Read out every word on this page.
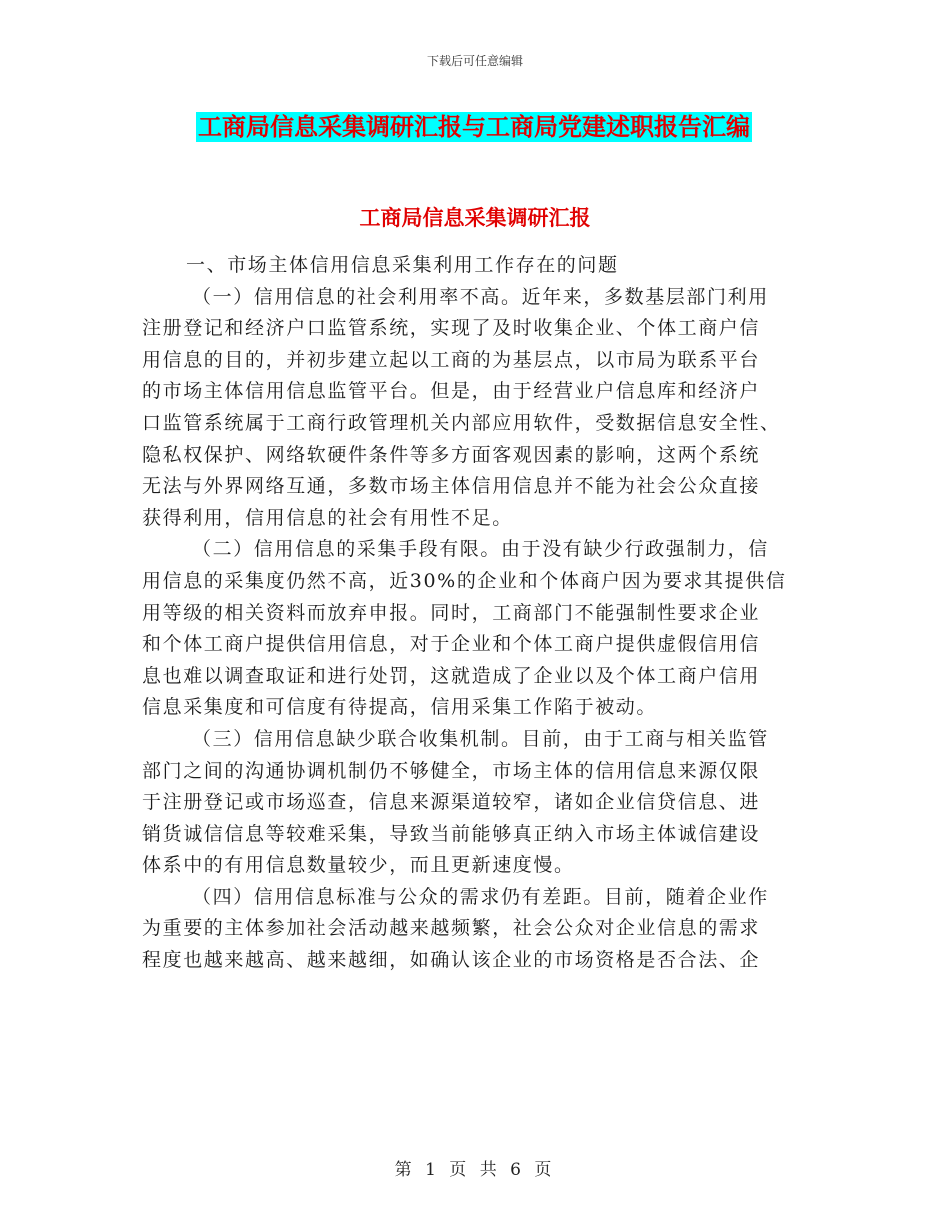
下载后可任意编辑
工商局信息采集调研汇报与工商局党建述职报告汇编
工商局信息采集调研汇报
一、市场主体信用信息采集利用工作存在的问题
（一）信用信息的社会利用率不高。近年来，多数基层部门利用
注册登记和经济户口监管系统，实现了及时收集企业、个体工商户信
用信息的目的，并初步建立起以工商的为基层点，以市局为联系平台
的市场主体信用信息监管平台。但是，由于经营业户信息库和经济户
口监管系统属于工商行政管理机关内部应用软件，受数据信息安全性、
隐私权保护、网络软硬件条件等多方面客观因素的影响，这两个系统
无法与外界网络互通，多数市场主体信用信息并不能为社会公众直接
获得利用，信用信息的社会有用性不足。
（二）信用信息的采集手段有限。由于没有缺少行政强制力，信
用信息的采集度仍然不高，近30%的企业和个体商户因为要求其提供信
用等级的相关资料而放弃申报。同时，工商部门不能强制性要求企业
和个体工商户提供信用信息，对于企业和个体工商户提供虚假信用信
息也难以调查取证和进行处罚，这就造成了企业以及个体工商户信用
信息采集度和可信度有待提高，信用采集工作陷于被动。
（三）信用信息缺少联合收集机制。目前，由于工商与相关监管
部门之间的沟通协调机制仍不够健全，市场主体的信用信息来源仅限
于注册登记或市场巡查，信息来源渠道较窄，诸如企业信贷信息、进
销货诚信信息等较难采集，导致当前能够真正纳入市场主体诚信建设
体系中的有用信息数量较少，而且更新速度慢。
（四）信用信息标准与公众的需求仍有差距。目前，随着企业作
为重要的主体参加社会活动越来越频繁，社会公众对企业信息的需求
程度也越来越高、越来越细，如确认该企业的市场资格是否合法、企
第 1 页 共 6 页
